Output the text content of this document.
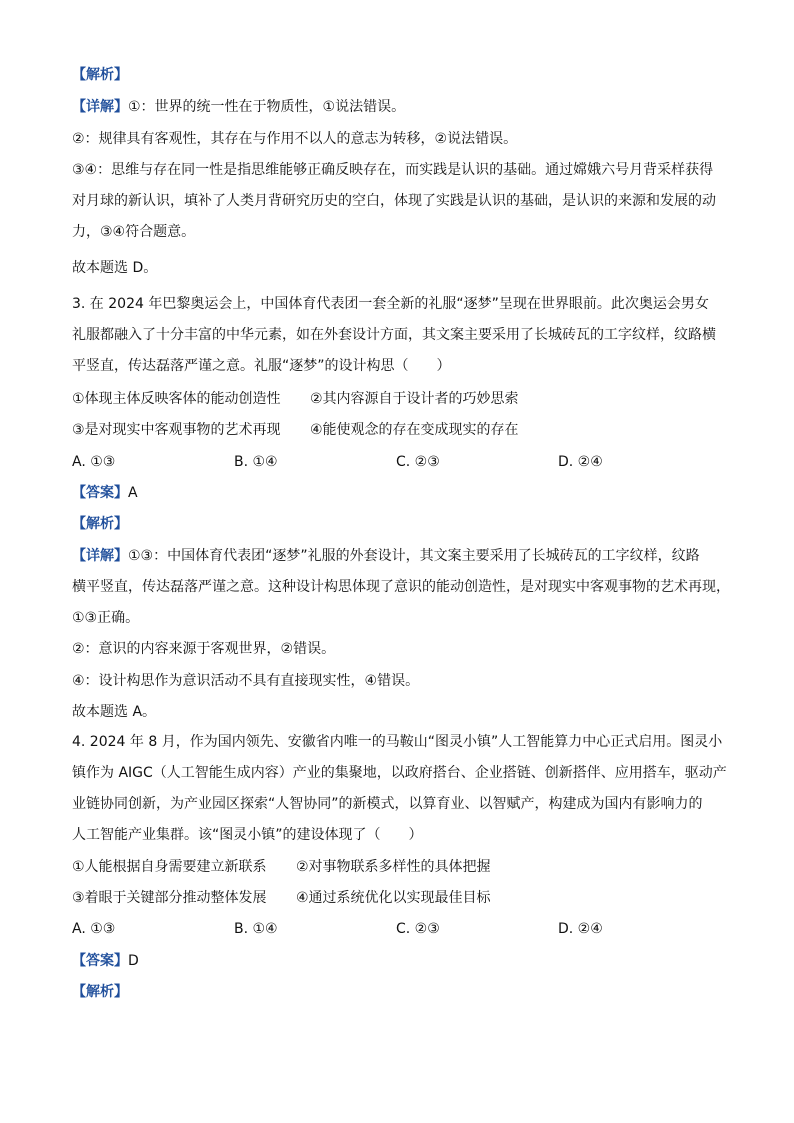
【解析】
【详解】①：世界的统一性在于物质性，①说法错误。
②：规律具有客观性，其存在与作用不以人的意志为转移，②说法错误。
③④：思维与存在同一性是指思维能够正确反映存在，而实践是认识的基础。通过嫦娥六号月背采样获得
对月球的新认识，填补了人类月背研究历史的空白，体现了实践是认识的基础，是认识的来源和发展的动
力，③④符合题意。
故本题选 D。
3. 在 2024 年巴黎奥运会上，中国体育代表团一套全新的礼服“逐梦”呈现在世界眼前。此次奥运会男女
礼服都融入了十分丰富的中华元素，如在外套设计方面，其文案主要采用了长城砖瓦的工字纹样，纹路横
平竖直，传达磊落严谨之意。礼服“逐梦”的设计构思（　　）
①体现主体反映客体的能动创造性 ②其内容源自于设计者的巧妙思索
③是对现实中客观事物的艺术再现 ④能使观念的存在变成现实的存在
A. ①③	B. ①④	C. ②③	D. ②④
【答案】A
【解析】
【详解】①③：中国体育代表团“逐梦”礼服的外套设计，其文案主要采用了长城砖瓦的工字纹样，纹路
横平竖直，传达磊落严谨之意。这种设计构思体现了意识的能动创造性，是对现实中客观事物的艺术再现，
①③正确。
②：意识的内容来源于客观世界，②错误。
④：设计构思作为意识活动不具有直接现实性，④错误。
故本题选 A。
4. 2024 年 8 月，作为国内领先、安徽省内唯一的马鞍山“图灵小镇”人工智能算力中心正式启用。图灵小
镇作为 AIGC（人工智能生成内容）产业的集聚地，以政府搭台、企业搭链、创新搭伴、应用搭车，驱动产
业链协同创新，为产业园区探索“人智协同”的新模式，以算育业、以智赋产，构建成为国内有影响力的
人工智能产业集群。该“图灵小镇”的建设体现了（　　）
①人能根据自身需要建立新联系 ②对事物联系多样性的具体把握
③着眼于关键部分推动整体发展 ④通过系统优化以实现最佳目标
A. ①③	B. ①④	C. ②③	D. ②④
【答案】D
【解析】
